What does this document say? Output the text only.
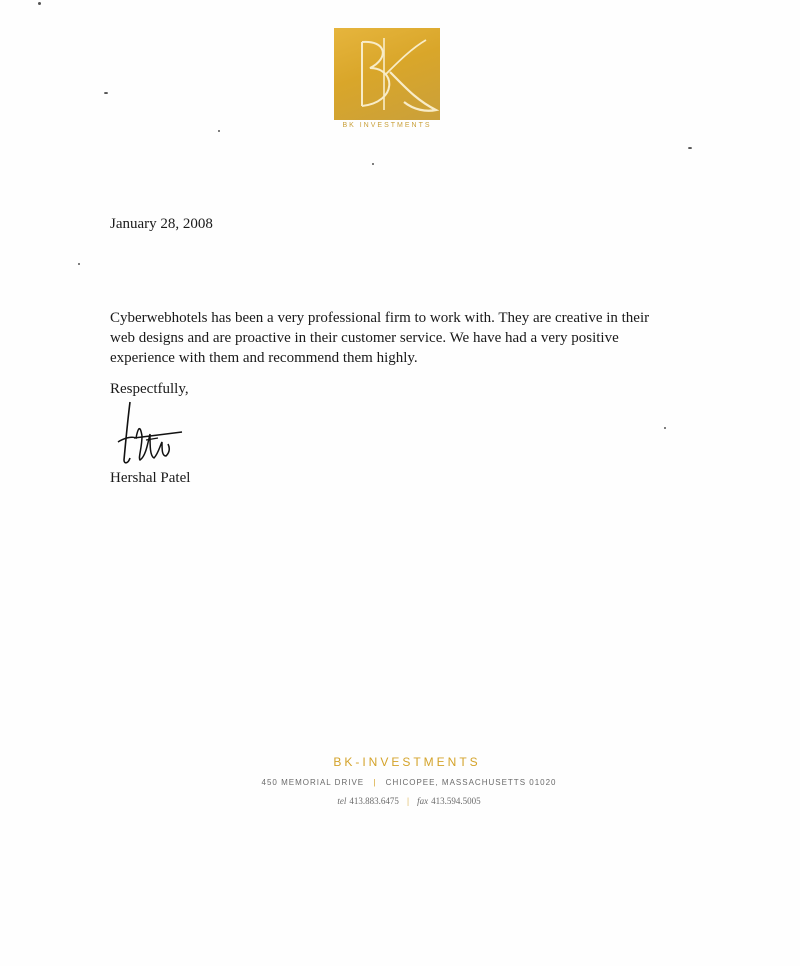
BK INVESTMENTS
January 28, 2008
Cyberwebhotels has been a very professional firm to work with. They are creative in their
web designs and are proactive in their customer service. We have had a very positive
experience with them and recommend them highly.
Respectfully,
Hershal Patel
BK-INVESTMENTS
450 MEMORIAL DRIVE | CHICOPEE, MASSACHUSETTS 01020
tel 413.883.6475 | fax 413.594.5005
